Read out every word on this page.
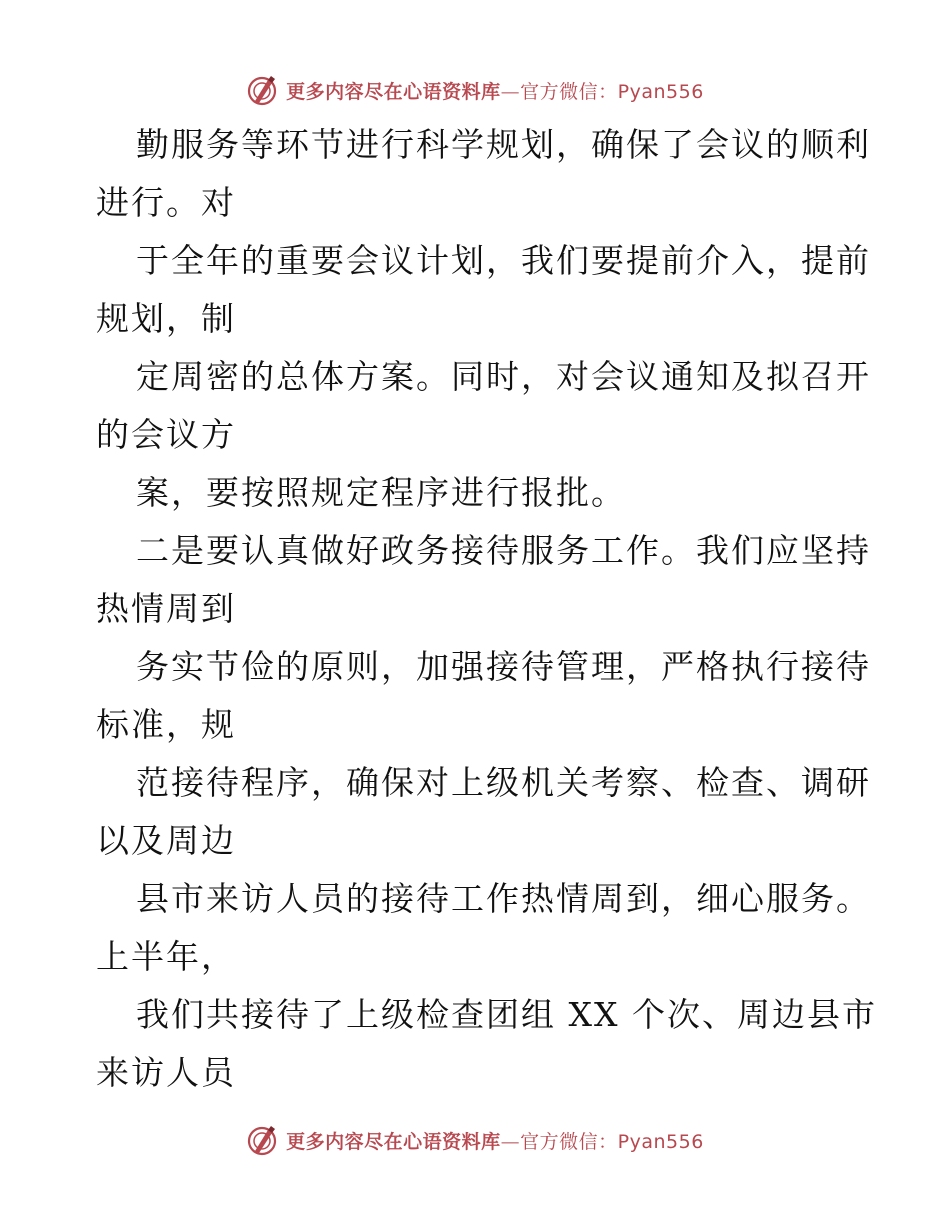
更多内容尽在心语资料库—官方微信：Pyan556
勤服务等环节进行科学规划，确保了会议的顺利
进行。对
于全年的重要会议计划，我们要提前介入，提前
规划，制
定周密的总体方案。同时，对会议通知及拟召开
的会议方
案，要按照规定程序进行报批。
二是要认真做好政务接待服务工作。我们应坚持
热情周到
务实节俭的原则，加强接待管理，严格执行接待
标准，规
范接待程序，确保对上级机关考察、检查、调研
以及周边
县市来访人员的接待工作热情周到，细心服务。
上半年，
我们共接待了上级检查团组 XX 个次、周边县市
来访人员
更多内容尽在心语资料库—官方微信：Pyan556
